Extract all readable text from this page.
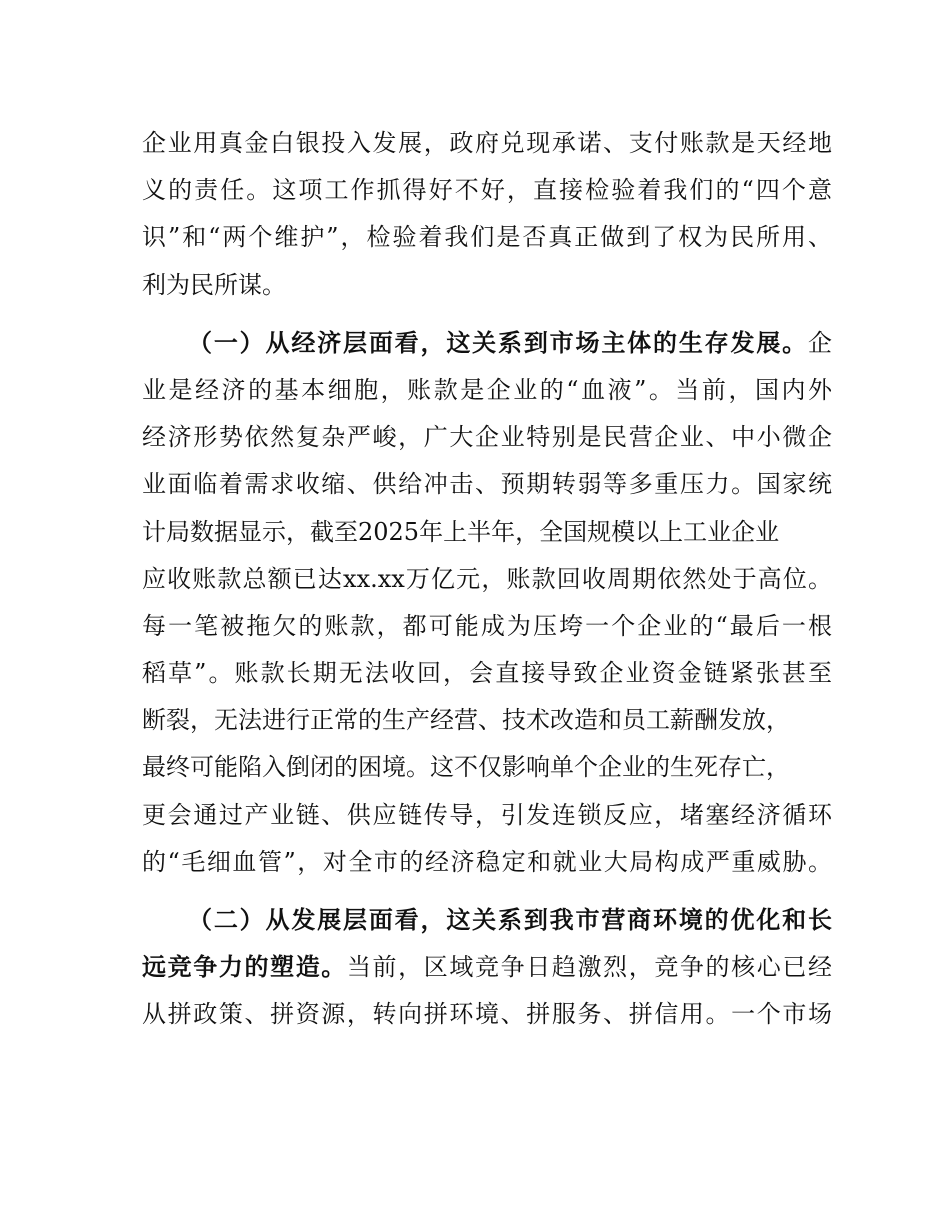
企业用真金白银投入发展，政府兑现承诺、支付账款是天经地
义的责任。这项工作抓得好不好，直接检验着我们的“四个意
识”和“两个维护”，检验着我们是否真正做到了权为民所用、
利为民所谋。
（一）从经济层面看，这关系到市场主体的生存发展。企
业是经济的基本细胞，账款是企业的“血液”。当前，国内外
经济形势依然复杂严峻，广大企业特别是民营企业、中小微企
业面临着需求收缩、供给冲击、预期转弱等多重压力。国家统
计局数据显示，截至2025年上半年，全国规模以上工业企业
应收账款总额已达xx.xx万亿元，账款回收周期依然处于高位。
每一笔被拖欠的账款，都可能成为压垮一个企业的“最后一根
稻草”。账款长期无法收回，会直接导致企业资金链紧张甚至
断裂，无法进行正常的生产经营、技术改造和员工薪酬发放，
最终可能陷入倒闭的困境。这不仅影响单个企业的生死存亡，
更会通过产业链、供应链传导，引发连锁反应，堵塞经济循环
的“毛细血管”，对全市的经济稳定和就业大局构成严重威胁。
（二）从发展层面看，这关系到我市营商环境的优化和长
远竞争力的塑造。当前，区域竞争日趋激烈，竞争的核心已经
从拼政策、拼资源，转向拼环境、拼服务、拼信用。一个市场
